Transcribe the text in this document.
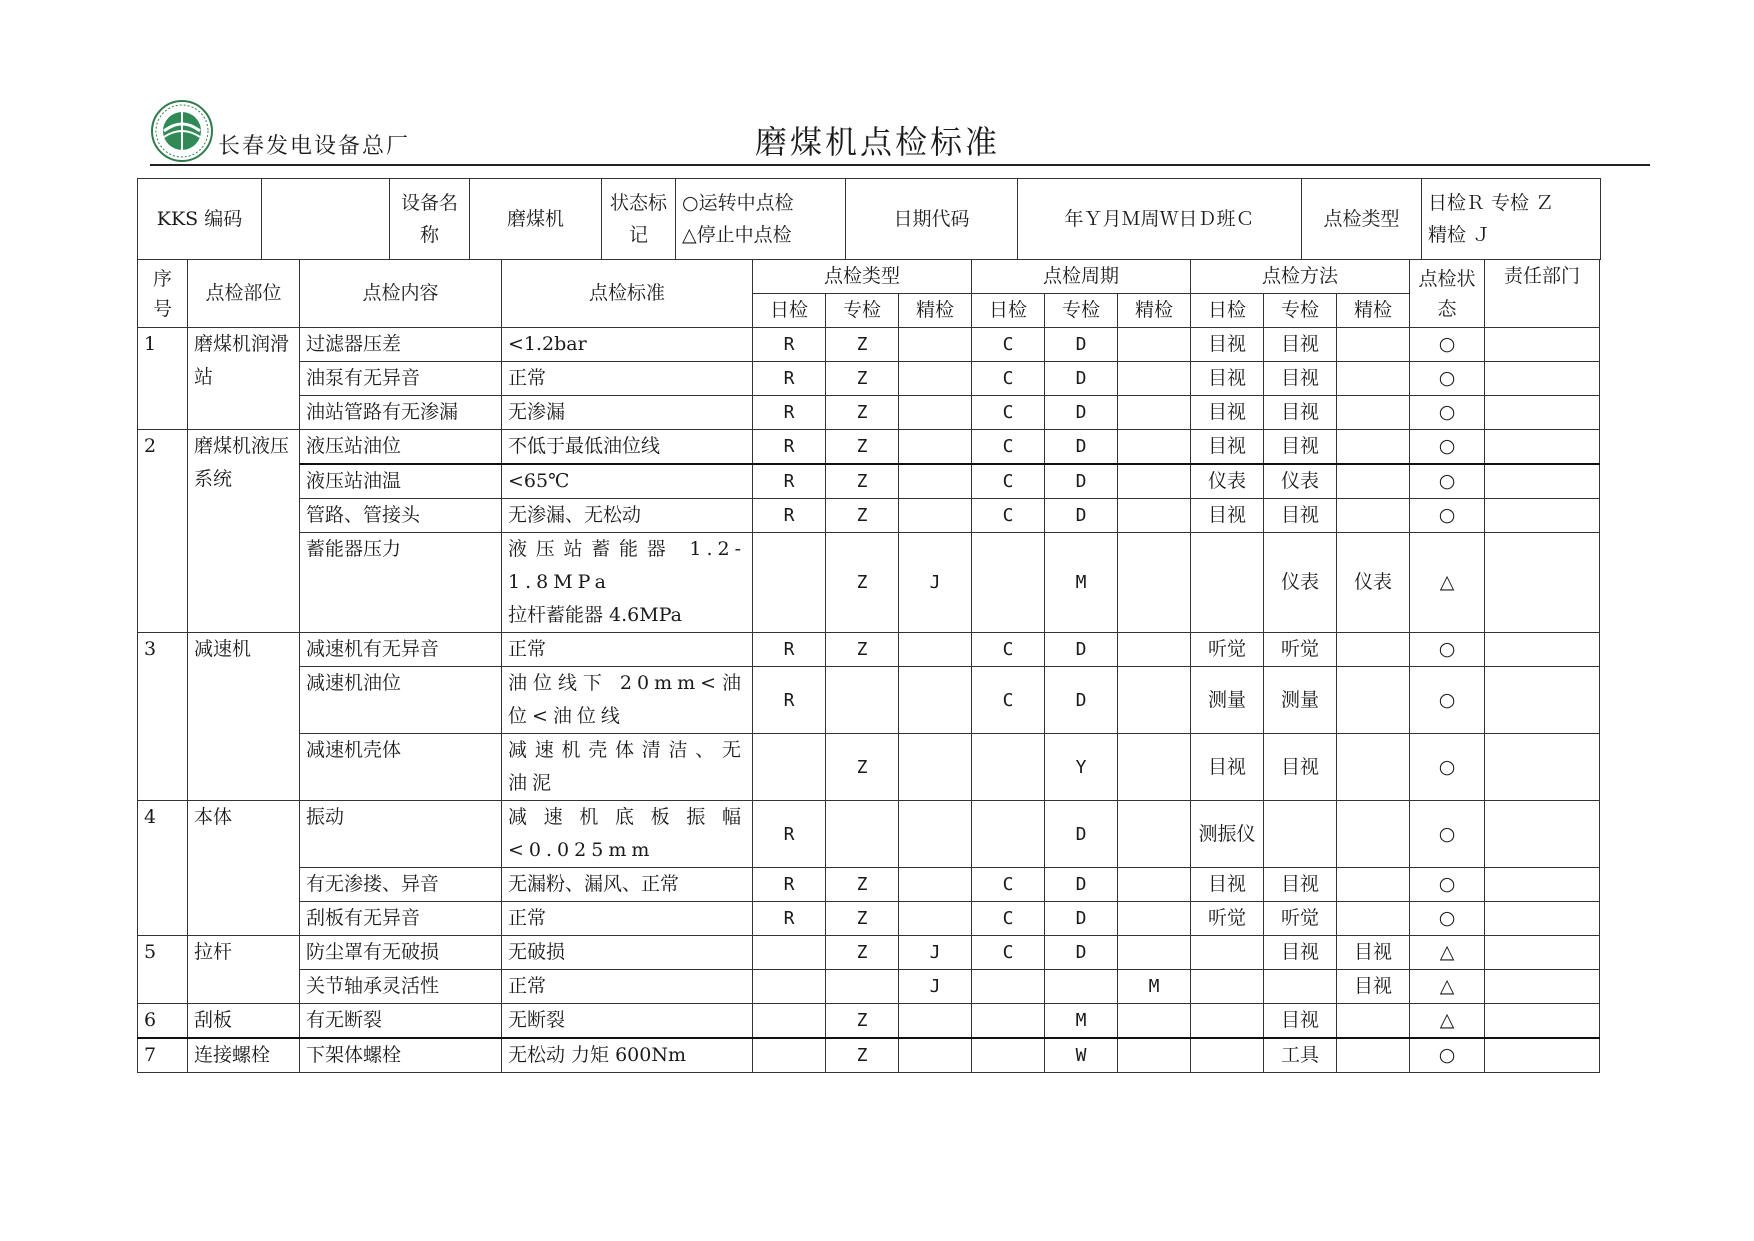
长春发电设备总厂	磨煤机点检标准
KKS 编码		设备名称	磨煤机	状态标记	
○运转中点检
△停止中点检
	日期代码	年Ｙ月Ｍ周Ｗ日Ｄ班Ｃ	点检类型	
日检Ｒ 专检 Ｚ
精检 Ｊ
序号	点检部位	点检内容	点检标准	点检类型			点检周期			点检方法			点检状态	责任部门
				日检	专检	精检	日检	专检	精检	日检	专检	精检		
1	磨煤机润滑站	过滤器压差	<1.2bar	R	Z		C	D		目视	目视		○	
		油泵有无异音	正常	R	Z		C	D		目视	目视		○	
		油站管路有无渗漏	无渗漏	R	Z		C	D		目视	目视		○	
2	磨煤机液压系统	液压站油位	不低于最低油位线	R	Z		C	D		目视	目视		○	
		液压站油温	<65℃	R	Z		C	D		仪表	仪表		○	
		管路、管接头	无渗漏、无松动	R	Z		C	D		目视	目视		○	
		蓄能器压力	液压站蓄能器 1.2-1.8MPa
拉杆蓄能器 4.6MPa		Z	J		M			仪表	仪表	△	
3	减速机	减速机有无异音	正常	R	Z		C	D		听觉	听觉		○	
		减速机油位	油位线下 20mm<油位<油位线	R			C	D		测量	测量		○	
		减速机壳体	减速机壳体清洁、无油泥		Z			Y		目视	目视		○	
4	本体	振动	减速机底板振幅<0.025mm	R				D		测振仪			○	
		有无渗搂、异音	无漏粉、漏风、正常	R	Z		C	D		目视	目视		○	
		刮板有无异音	正常	R	Z		C	D		听觉	听觉		○	
5	拉杆	防尘罩有无破损	无破损		Z	J	C	D			目视	目视	△	
		关节轴承灵活性	正常			J			M			目视	△	
6	刮板	有无断裂	无断裂		Z			M			目视		△	
7	连接螺栓	下架体螺栓	无松动 力矩 600Nm		Z			W			工具		○	
